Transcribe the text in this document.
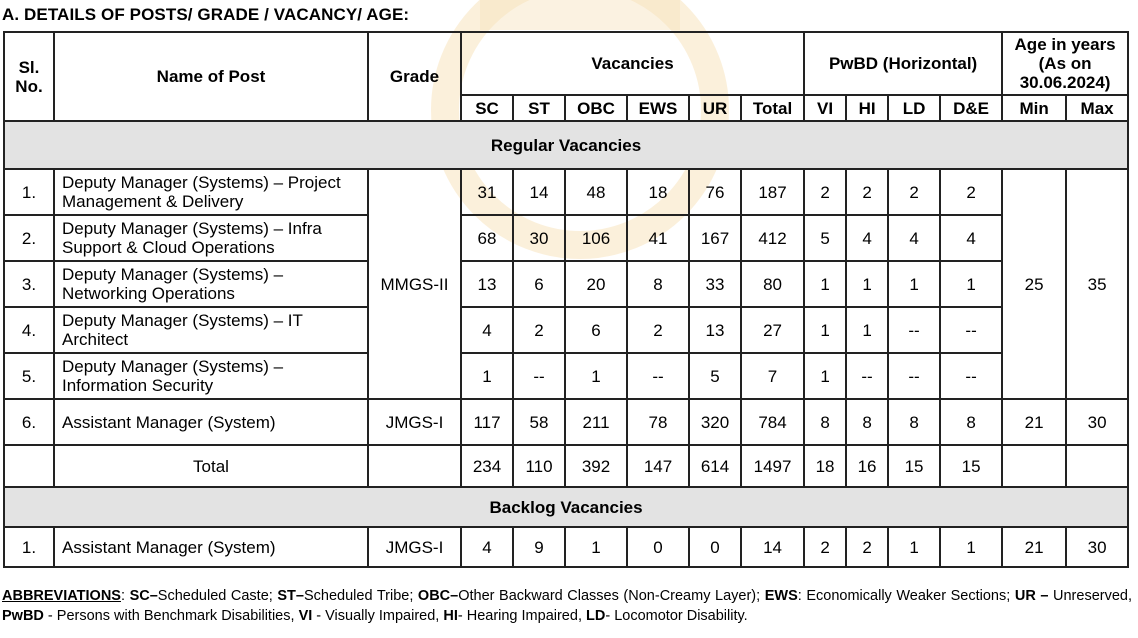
A. DETAILS OF POSTS/ GRADE / VACANCY/ AGE:
Sl. No.	Name of Post	Grade	Vacancies						PwBD (Horizontal)				Age in years (As on 30.06.2024)	
			SC	ST	OBC	EWS	UR	Total	VI	HI	LD	D&E	Min	Max
Regular Vacancies														
1.	Deputy Manager (Systems) – Project Management & Delivery	MMGS-II	31	14	48	18	76	187	2	2	2	2	25	35
2.	Deputy Manager (Systems) – Infra Support & Cloud Operations		68	30	106	41	167	412	5	4	4	4		
3.	Deputy Manager (Systems) – Networking Operations		13	6	20	8	33	80	1	1	1	1		
4.	Deputy Manager (Systems) – IT Architect		4	2	6	2	13	27	1	1	--	--		
5.	Deputy Manager (Systems) – Information Security		1	--	1	--	5	7	1	--	--	--		
6.	Assistant Manager (System)	JMGS-I	117	58	211	78	320	784	8	8	8	8	21	30
	Total		234	110	392	147	614	1497	18	16	15	15		
Backlog Vacancies														
1.	Assistant Manager (System)	JMGS-I	4	9	1	0	0	14	2	2	1	1	21	30
ABBREVIATIONS: SC–Scheduled Caste; ST–Scheduled Tribe; OBC–Other Backward Classes (Non-Creamy Layer); EWS: Economically Weaker Sections; UR – Unreserved, PwBD - Persons with Benchmark Disabilities, VI - Visually Impaired, HI- Hearing Impaired, LD- Locomotor Disability.
